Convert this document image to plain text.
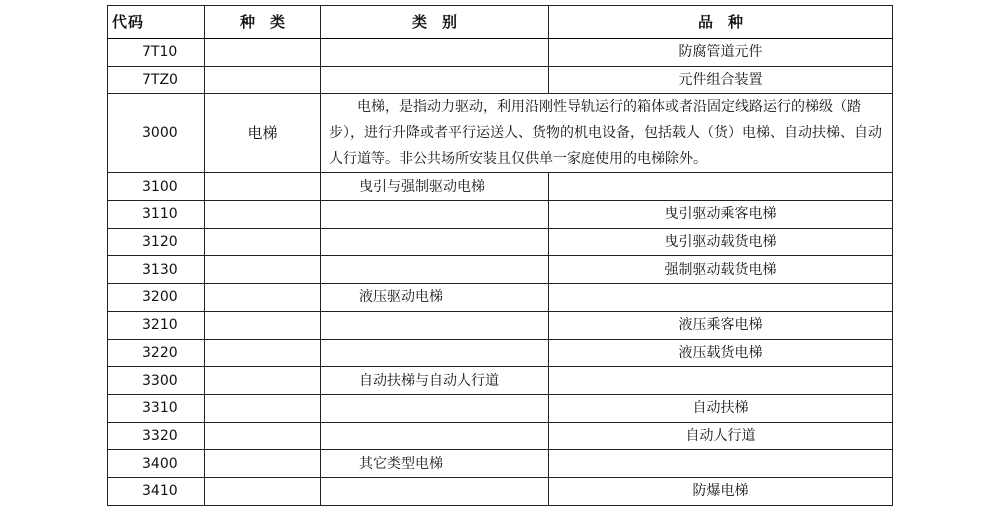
代码	种　类	类　别	品　种
7T10			防腐管道元件
7TZ0			元件组合装置
3000	电梯	电梯，是指动力驱动，利用沿刚性导轨运行的箱体或者沿固定线路运行的梯级（踏步），进行升降或者平行运送人、货物的机电设备，包括载人（货）电梯、自动扶梯、自动人行道等。非公共场所安装且仅供单一家庭使用的电梯除外。	
3100		曳引与强制驱动电梯	
3110			曳引驱动乘客电梯
3120			曳引驱动载货电梯
3130			强制驱动载货电梯
3200		液压驱动电梯	
3210			液压乘客电梯
3220			液压载货电梯
3300		自动扶梯与自动人行道	
3310			自动扶梯
3320			自动人行道
3400		其它类型电梯	
3410			防爆电梯
